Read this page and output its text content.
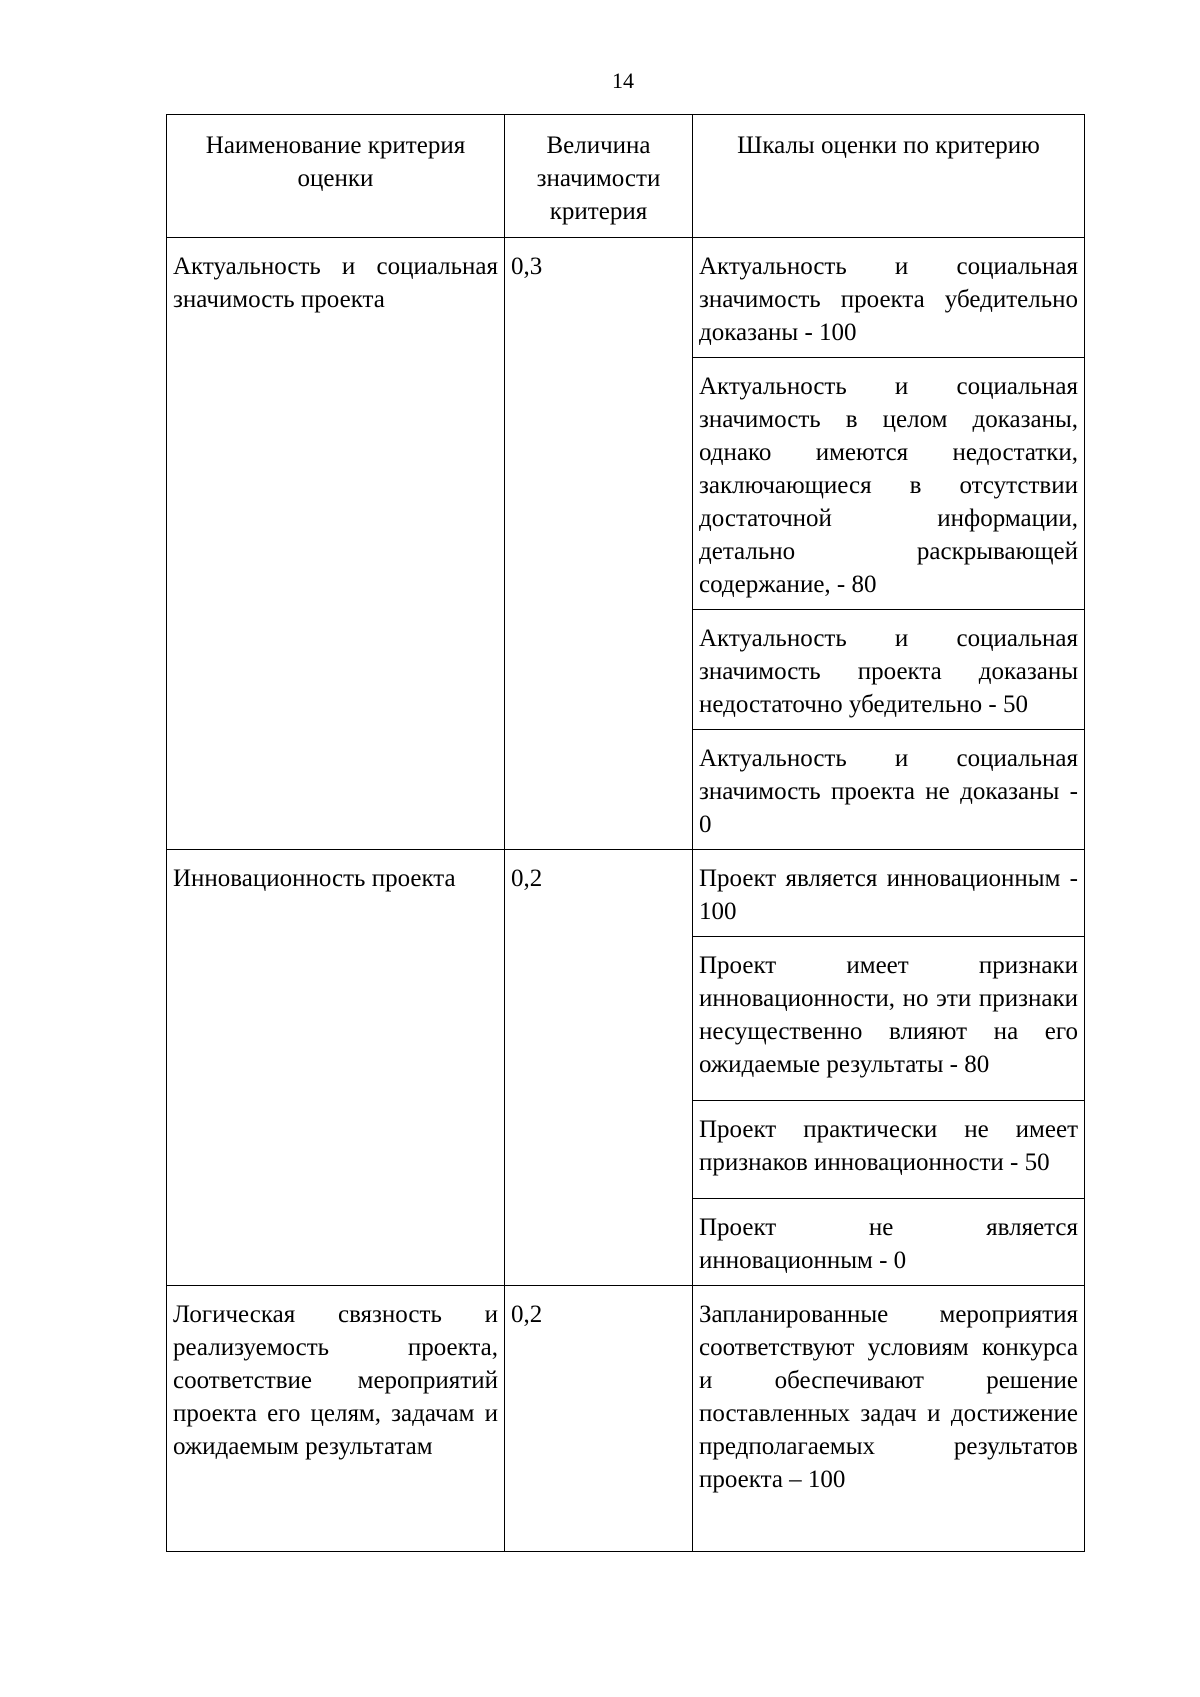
14
Наименование критерия оценки	Величина значимости критерия	Шкалы оценки по критерию
Актуальность и социальная значимость проекта	0,3	Актуальность и социальная значимость проекта убедительно доказаны - 100
		Актуальность и социальная значимость в целом доказаны, однако имеются недостатки, заключающиеся в отсутствии достаточной информации, детально раскрывающей содержание, - 80
		Актуальность и социальная значимость проекта доказаны недостаточно убедительно - 50
		Актуальность и социальная значимость проекта не доказаны - 0
Инновационность проекта	0,2	Проект является инновационным - 100
		Проект имеет признаки инновационности, но эти признаки несущественно влияют на его ожидаемые результаты - 80
		Проект практически не имеет признаков инновационности - 50
		Проект не является инновационным - 0
Логическая связность и реализуемость проекта, соответствие мероприятий проекта его целям, задачам и ожидаемым результатам	0,2	Запланированные мероприятия соответствуют условиям конкурса и обеспечивают решение поставленных задач и достижение предполагаемых результатов проекта – 100
